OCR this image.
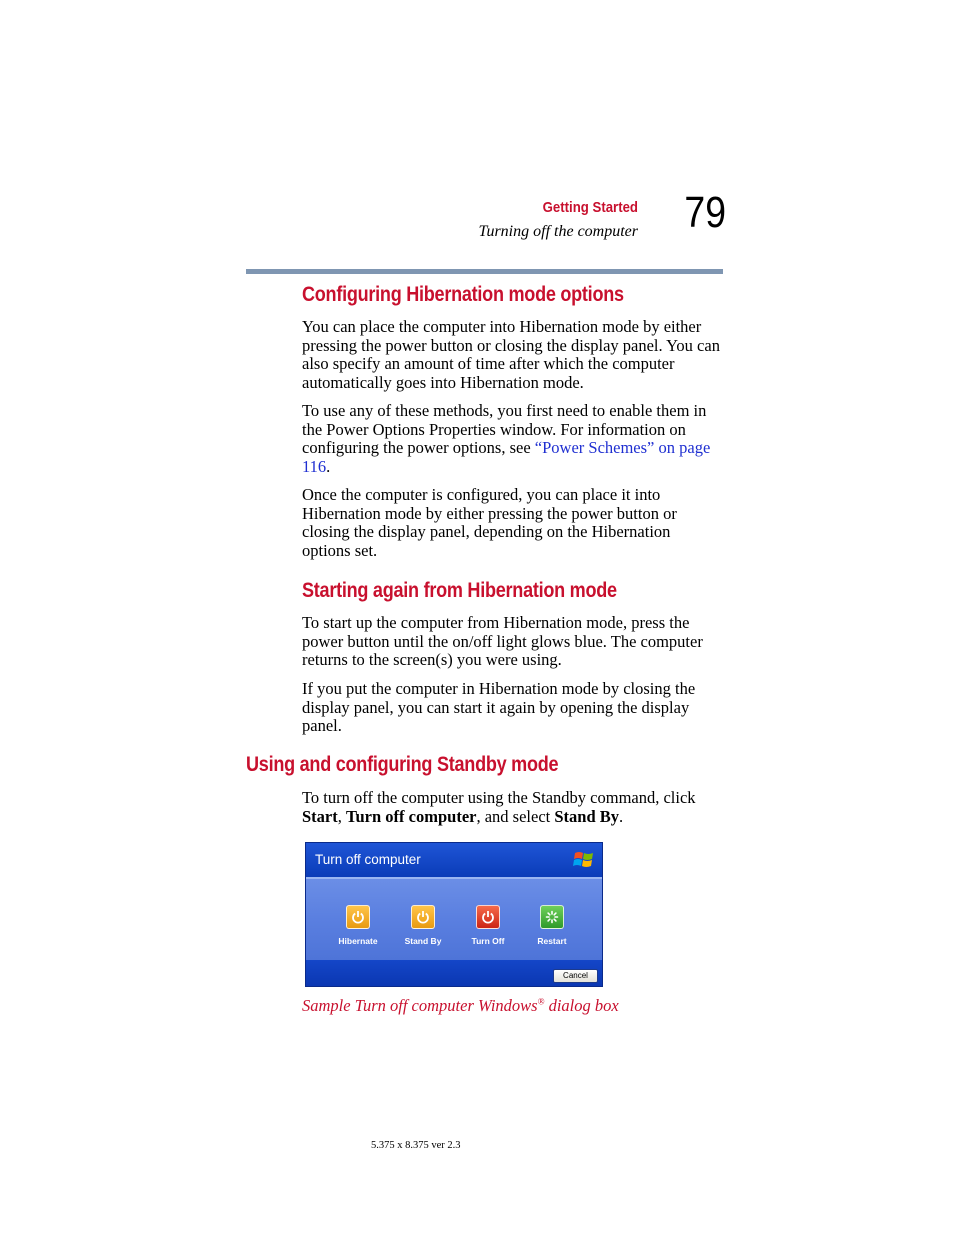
Getting Started
Turning off the computer 79
Configuring Hibernation mode options
You can place the computer into Hibernation mode by either pressing the power button or closing the display panel. You can also specify an amount of time after which the computer automatically goes into Hibernation mode.
To use any of these methods, you first need to enable them in the Power Options Properties window. For information on configuring the power options, see “Power Schemes” on page 116.
Once the computer is configured, you can place it into Hibernation mode by either pressing the power button or closing the display panel, depending on the Hibernation options set.
Starting again from Hibernation mode
To start up the computer from Hibernation mode, press the power button until the on/off light glows blue. The computer returns to the screen(s) you were using.
If you put the computer in Hibernation mode by closing the display panel, you can start it again by opening the display panel.
Using and configuring Standby mode
To turn off the computer using the Standby command, click Start, Turn off computer, and select Stand By.
Turn off computer
Hibernate	Stand By	Turn Off	Restart
Cancel
Sample Turn off computer Windows® dialog box
5.375 x 8.375 ver 2.3
